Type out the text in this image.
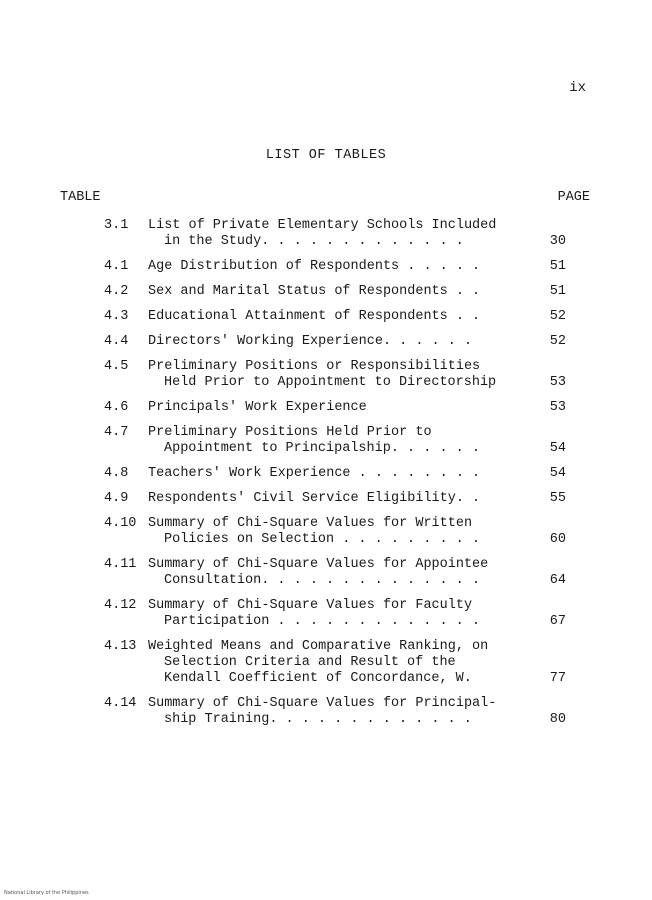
ix
LIST OF TABLES
TABLE	PAGE
3.1	List of Private Elementary Schools Included
in the Study. . . . . . . . . . . . .	30
4.1	Age Distribution of Respondents . . . . .	51
4.2	Sex and Marital Status of Respondents . .	51
4.3	Educational Attainment of Respondents . .	52
4.4	Directors' Working Experience. . . . . .	52
4.5	Preliminary Positions or Responsibilities
Held Prior to Appointment to Directorship	53
4.6	Principals' Work Experience	53
4.7	Preliminary Positions Held Prior to
Appointment to Principalship. . . . . .	54
4.8	Teachers' Work Experience . . . . . . . .	54
4.9	Respondents' Civil Service Eligibility. .	55
4.10 Summary of Chi-Square Values for Written
Policies on Selection . . . . . . . . .	60
4.11 Summary of Chi-Square Values for Appointee
Consultation. . . . . . . . . . . . . .	64
4.12 Summary of Chi-Square Values for Faculty
Participation . . . . . . . . . . . . .	67
4.13 Weighted Means and Comparative Ranking, on
Selection Criteria and Result of the
Kendall Coefficient of Concordance, W.	77
4.14 Summary of Chi-Square Values for Principal-
ship Training. . . . . . . . . . . . .	80
National Library of the Philippines
